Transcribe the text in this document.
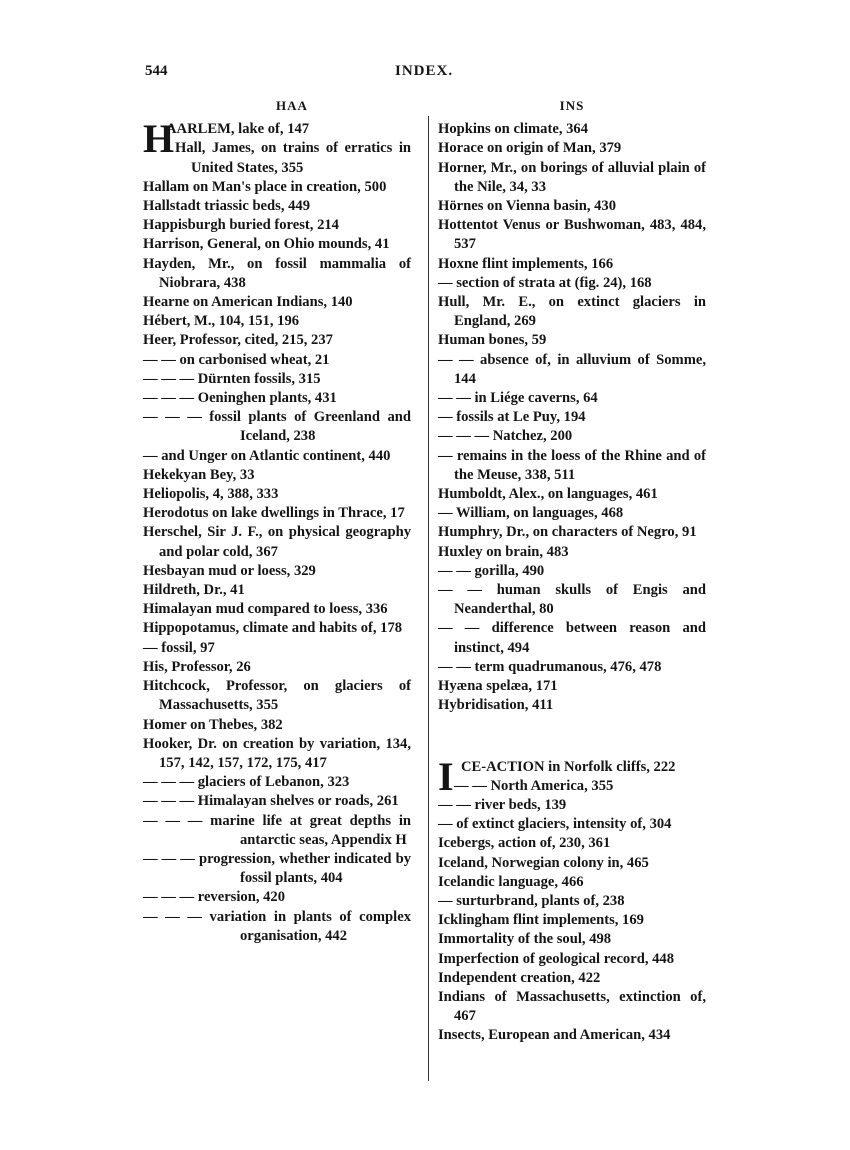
544	INDEX.
HAA
H
AARLEM, lake of, 147
Hall, James, on trains of erratics in United States, 355
Hallam on Man's place in creation, 500
Hallstadt triassic beds, 449
Happisburgh buried forest, 214
Harrison, General, on Ohio mounds, 41
Hayden, Mr., on fossil mammalia of Niobrara, 438
Hearne on American Indians, 140
Hébert, M., 104, 151, 196
Heer, Professor, cited, 215, 237
— — on carbonised wheat, 21
— — — Dürnten fossils, 315
— — — Oeninghen plants, 431
— — — fossil plants of Greenland and Iceland, 238
— and Unger on Atlantic continent, 440
Hekekyan Bey, 33
Heliopolis, 4, 388, 333
Herodotus on lake dwellings in Thrace, 17
Herschel, Sir J. F., on physical geography and polar cold, 367
Hesbayan mud or loess, 329
Hildreth, Dr., 41
Himalayan mud compared to loess, 336
Hippopotamus, climate and habits of, 178
— fossil, 97
His, Professor, 26
Hitchcock, Professor, on glaciers of Massachusetts, 355
Homer on Thebes, 382
Hooker, Dr. on creation by variation, 134, 157, 142, 157, 172, 175, 417
— — — glaciers of Lebanon, 323
— — — Himalayan shelves or roads, 261
— — — marine life at great depths in antarctic seas, Appendix H
— — — progression, whether indicated by fossil plants, 404
— — — reversion, 420
— — — variation in plants of complex organisation, 442
INS
Hopkins on climate, 364
Horace on origin of Man, 379
Horner, Mr., on borings of alluvial plain of the Nile, 34, 33
Hörnes on Vienna basin, 430
Hottentot Venus or Bushwoman, 483, 484, 537
Hoxne flint implements, 166
— section of strata at (fig. 24), 168
Hull, Mr. E., on extinct glaciers in England, 269
Human bones, 59
— — absence of, in alluvium of Somme, 144
— — in Liége caverns, 64
— fossils at Le Puy, 194
— — — Natchez, 200
— remains in the loess of the Rhine and of the Meuse, 338, 511
Humboldt, Alex., on languages, 461
— William, on languages, 468
Humphry, Dr., on characters of Negro, 91
Huxley on brain, 483
— — gorilla, 490
— — human skulls of Engis and Neanderthal, 80
— — difference between reason and instinct, 494
— — term quadrumanous, 476, 478
Hyæna spelæa, 171
Hybridisation, 411
I CE-ACTION in Norfolk cliffs, 222
— — North America, 355
— — river beds, 139
— of extinct glaciers, intensity of, 304
Icebergs, action of, 230, 361
Iceland, Norwegian colony in, 465
Icelandic language, 466
— surturbrand, plants of, 238
Icklingham flint implements, 169
Immortality of the soul, 498
Imperfection of geological record, 448
Independent creation, 422
Indians of Massachusetts, extinction of, 467
Insects, European and American, 434
